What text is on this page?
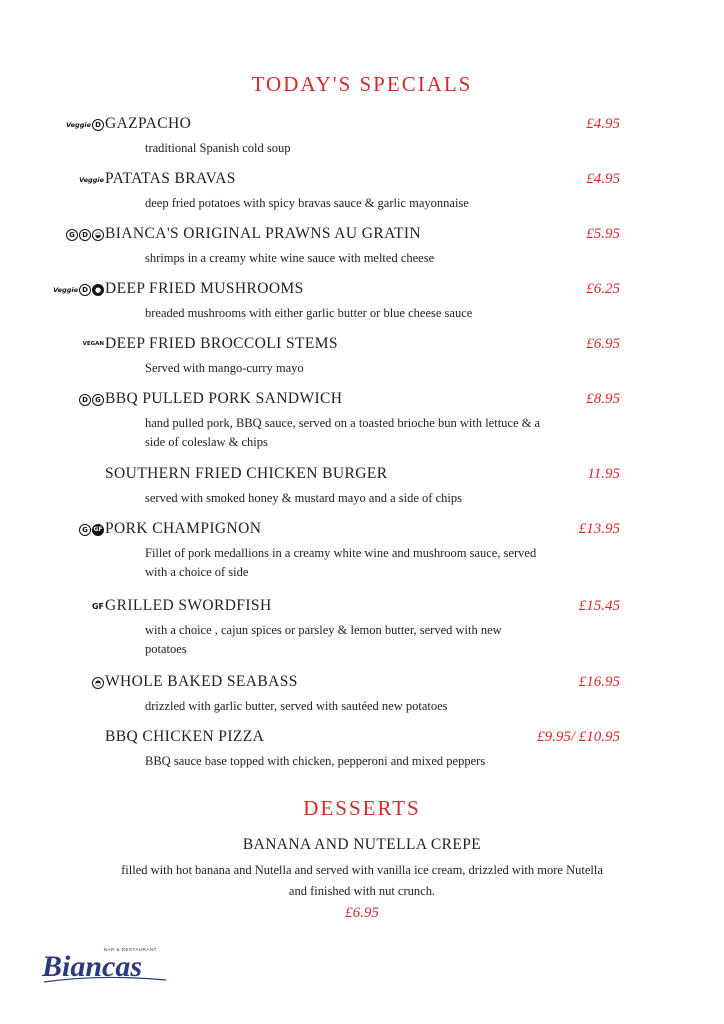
TODAY'S SPECIALS
Veggie D GAZPACHO	£4.95
traditional Spanish cold soup
Veggie PATATAS BRAVAS	£4.95
deep fried potatoes with spicy bravas sauce & garlic mayonnaise
G	D	◒ BIANCA'S ORIGINAL PRAWNS AU GRATIN	£5.95
shrimps in a creamy white wine sauce with melted cheese
Veggie D	● DEEP FRIED MUSHROOMS	£6.25
breaded mushrooms with either garlic butter or blue cheese sauce
VEGAN DEEP FRIED BROCCOLI STEMS	£6.95
Served with mango-curry mayo
D	G BBQ PULLED PORK SANDWICH	£8.95
hand pulled pork, BBQ sauce, served on a toasted brioche bun with lettuce & a side of coleslaw & chips
SOUTHERN FRIED CHICKEN BURGER	11.95
served with smoked honey & mustard mayo and a side of chips
G GF PORK CHAMPIGNON	£13.95
Fillet of pork medallions in a creamy white wine and mushroom sauce, served with a choice of side
GF GRILLED SWORDFISH	£15.45
with a choice , cajun spices or parsley & lemon butter, served with new potatoes
◓ WHOLE BAKED SEABASS	£16.95
drizzled with garlic butter, served with sautéed new potatoes
BBQ CHICKEN PIZZA	£9.95/ £10.95
BBQ sauce base topped with chicken, pepperoni and mixed peppers
DESSERTS
BANANA AND NUTELLA CREPE
filled with hot banana and Nutella and served with vanilla ice cream, drizzled with more Nutella and finished with nut crunch.
£6.95
BAR & RESTAURANT
Biancas
